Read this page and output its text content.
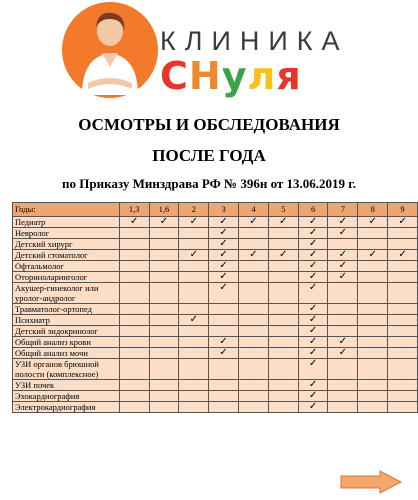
КЛИНИКА
СНуля
ОСМОТРЫ И ОБСЛЕДОВАНИЯ
ПОСЛЕ ГОДА
по Приказу Минздрава РФ № 396н от 13.06.2019 г.
Годы:	1,3	1,6	2	3	4	5	6	7	8	9
Педиатр	✓	✓	✓	✓	✓	✓	✓	✓	✓	✓
Невролог				✓			✓	✓		
Детский хирург				✓			✓			
Детский стоматолог			✓	✓	✓	✓	✓	✓	✓	✓
Офтальмолог				✓			✓	✓		
Оториноларинголог				✓			✓	✓		
Акушер-гинеколог или уролог-андролог				✓			✓			
Травматолог-ортопед							✓			
Психиатр			✓				✓			
Детский эндокринолог							✓			
Общий анализ крови				✓			✓	✓		
Общий анализ мочи				✓			✓	✓		
УЗИ органов брюшной полости (комплексное)							✓			
УЗИ почек							✓			
Эхокардиография							✓			
Электрокардиография							✓			
